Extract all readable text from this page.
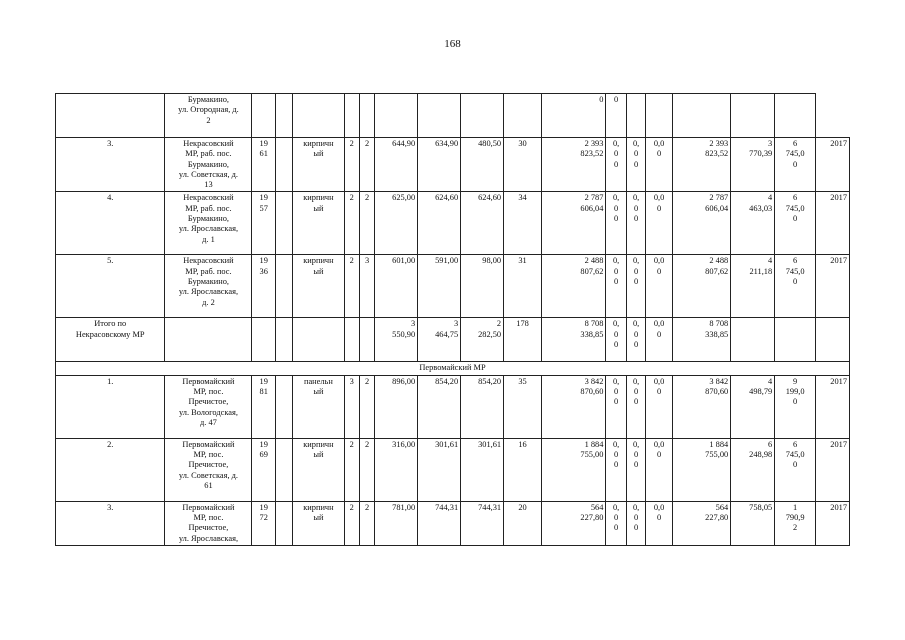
168
	Бурмакино,
ул. Огородная, д.
2										0	0						
3.	Некрасовский
МР, раб. пос.
Бурмакино,
ул. Советская, д.
13	19
61		кирпичн
ый	2	2	644,90	634,90	480,50	30	2 393
823,52	0,
0
0	0,
0
0	0,0
0	2 393
823,52	3
770,39	6
745,0
0	2017
4.	Некрасовский
МР, раб. пос.
Бурмакино,
ул. Ярославская,
д. 1	19
57		кирпичн
ый	2	2	625,00	624,60	624,60	34	2 787
606,04	0,
0
0	0,
0
0	0,0
0	2 787
606,04	4
463,03	6
745,0
0	2017
5.	Некрасовский
МР, раб. пос.
Бурмакино,
ул. Ярославская,
д. 2	19
36		кирпичн
ый	2	3	601,00	591,00	98,00	31	2 488
807,62	0,
0
0	0,
0
0	0,0
0	2 488
807,62	4
211,18	6
745,0
0	2017
Итого по
Некрасовскому МР							3
550,90	3
464,75	2
282,50	178	8 708
338,85	0,
0
0	0,
0
0	0,0
0	8 708
338,85			
Первомайский МР																		
1.	Первомайский
МР, пос.
Пречистое,
ул. Вологодская,
д. 47	19
81		панельн
ый	3	2	896,00	854,20	854,20	35	3 842
870,60	0,
0
0	0,
0
0	0,0
0	3 842
870,60	4
498,79	9
199,0
0	2017
2.	Первомайский
МР, пос.
Пречистое,
ул. Советская, д.
61	19
69		кирпичн
ый	2	2	316,00	301,61	301,61	16	1 884
755,00	0,
0
0	0,
0
0	0,0
0	1 884
755,00	6
248,98	6
745,0
0	2017
3.	Первомайский
МР, пос.
Пречистое,
ул. Ярославская,	19
72		кирпичн
ый	2	2	781,00	744,31	744,31	20	564
227,80	0,
0
0	0,
0
0	0,0
0	564
227,80	758,05	1
790,9
2	2017
